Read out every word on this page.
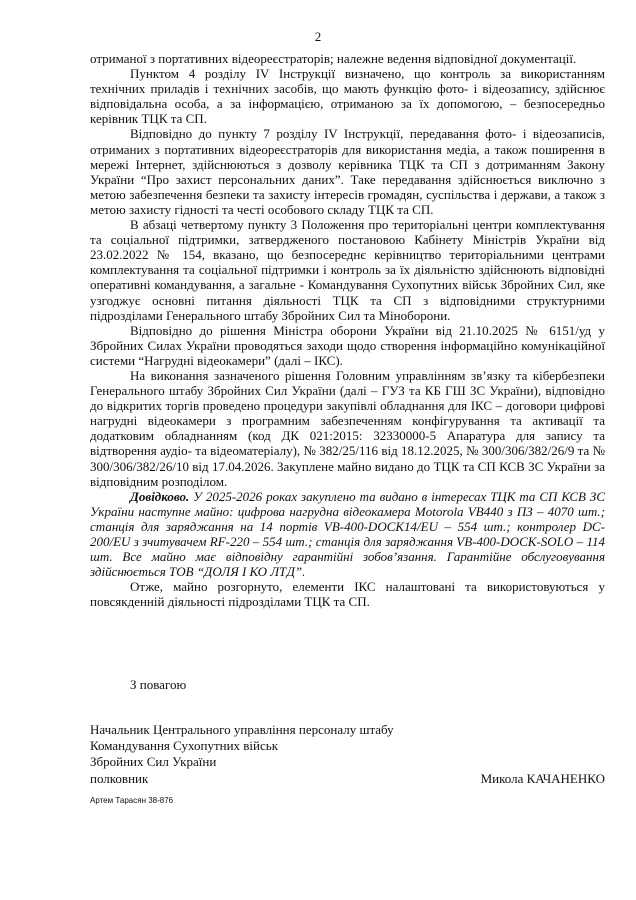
2

отриманої з портативних відеореєстраторів; належне ведення відповідної документації.

Пунктом 4 розділу IV Інструкції визначено, що контроль за використанням технічних приладів і технічних засобів, що мають функцію фото- і відеозапису, здійснює відповідальна особа, а за інформацією, отриманою за їх допомогою, – безпосередньо керівник ТЦК та СП.

Відповідно до пункту 7 розділу IV Інструкції, передавання фото- і відеозаписів, отриманих з портативних відеореєстраторів для використання медіа, а також поширення в мережі Інтернет, здійснюються з дозволу керівника ТЦК та СП з дотриманням Закону України “Про захист персональних даних”. Таке передавання здійснюється виключно з метою забезпечення безпеки та захисту інтересів громадян, суспільства і держави, а також з метою захисту гідності та честі особового складу ТЦК та СП.

В абзаці четвертому пункту 3 Положення про територіальні центри комплектування та соціальної підтримки, затвердженого постановою Кабінету Міністрів України від 23.02.2022 № 154, вказано, що безпосереднє керівництво територіальними центрами комплектування та соціальної підтримки і контроль за їх діяльністю здійснюють відповідні оперативні командування, а загальне - Командування Сухопутних військ Збройних Сил, яке узгоджує основні питання діяльності ТЦК та СП з відповідними структурними підрозділами Генерального штабу Збройних Сил та Міноборони.

Відповідно до рішення Міністра оборони України від 21.10.2025 № 6151/уд у Збройних Силах України проводяться заходи щодо створення інформаційно комунікаційної системи “Нагрудні відеокамери” (далі – ІКС).

На виконання зазначеного рішення Головним управлінням зв’язку та кібербезпеки Генерального штабу Збройних Сил України (далі – ГУЗ та КБ ГШ ЗС України), відповідно до відкритих торгів проведено процедури закупівлі обладнання для ІКС – договори цифрові нагрудні відеокамери з програмним забезпеченням конфігурування та активації та додатковим обладнанням (код ДК 021:2015: 32330000-5 Апаратура для запису та відтворення аудіо- та відеоматеріалу), № 382/25/116 від 18.12.2025, № 300/306/382/26/9 та № 300/306/382/26/10 від 17.04.2026. Закуплене майно видано до ТЦК та СП КСВ ЗС України за відповідним розподілом.

Довідково. У 2025-2026 роках закуплено та видано в інтересах ТЦК та СП КСВ ЗС України наступне майно: цифрова нагрудна відеокамера Motorola VB440 з ПЗ – 4070 шт.; станція для заряджання на 14 портів VB-400-DOCK14/EU – 554 шт.; контролер DC-200/EU з зчитувачем RF-220 – 554 шт.; станція для заряджання VB-400-DOCK-SOLO – 114 шт. Все майно має відповідну гарантійні зобов’язання. Гарантійне обслуговування здійснюється ТОВ “ДОЛЯ І КО ЛТД”.

Отже, майно розгорнуто, елементи ІКС налаштовані та використовуються у повсякденній діяльності підрозділами ТЦК та СП.

З повагою
Начальник Центрального управління персоналу штабу
Командування Сухопутних військ
Збройних Сил України
полковник	Микола КАЧАНЕНКО
Артем Тарасян 38-876
